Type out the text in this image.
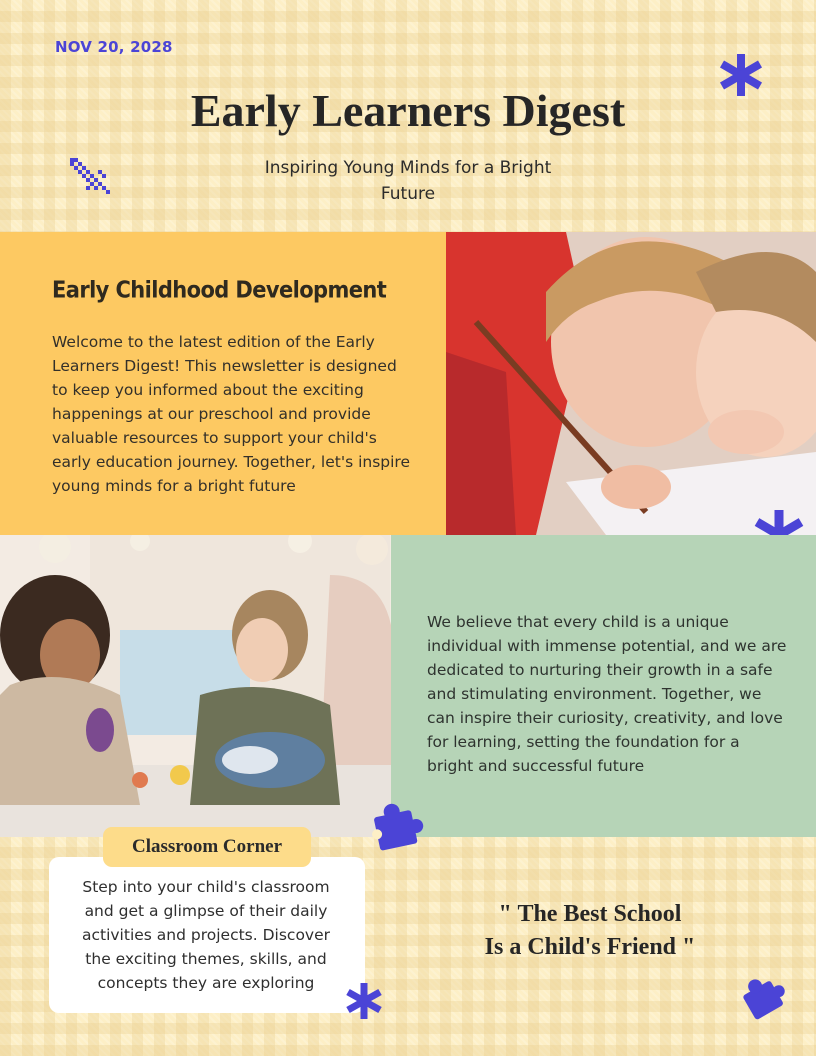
NOV 20, 2028
Early Learners Digest
Inspiring Young Minds for a Bright Future
Early Childhood Development
Welcome to the latest edition of the Early Learners Digest! This newsletter is designed to keep you informed about the exciting happenings at our preschool and provide valuable resources to support your child's early education journey. Together, let's inspire young minds for a bright future
We believe that every child is a unique individual with immense potential, and we are dedicated to nurturing their growth in a safe and stimulating environment. Together, we can inspire their curiosity, creativity, and love for learning, setting the foundation for a bright and successful future
Classroom Corner
Step into your child's classroom and get a glimpse of their daily activities and projects. Discover the exciting themes, skills, and concepts they are exploring
" The Best School
Is a Child's Friend "
